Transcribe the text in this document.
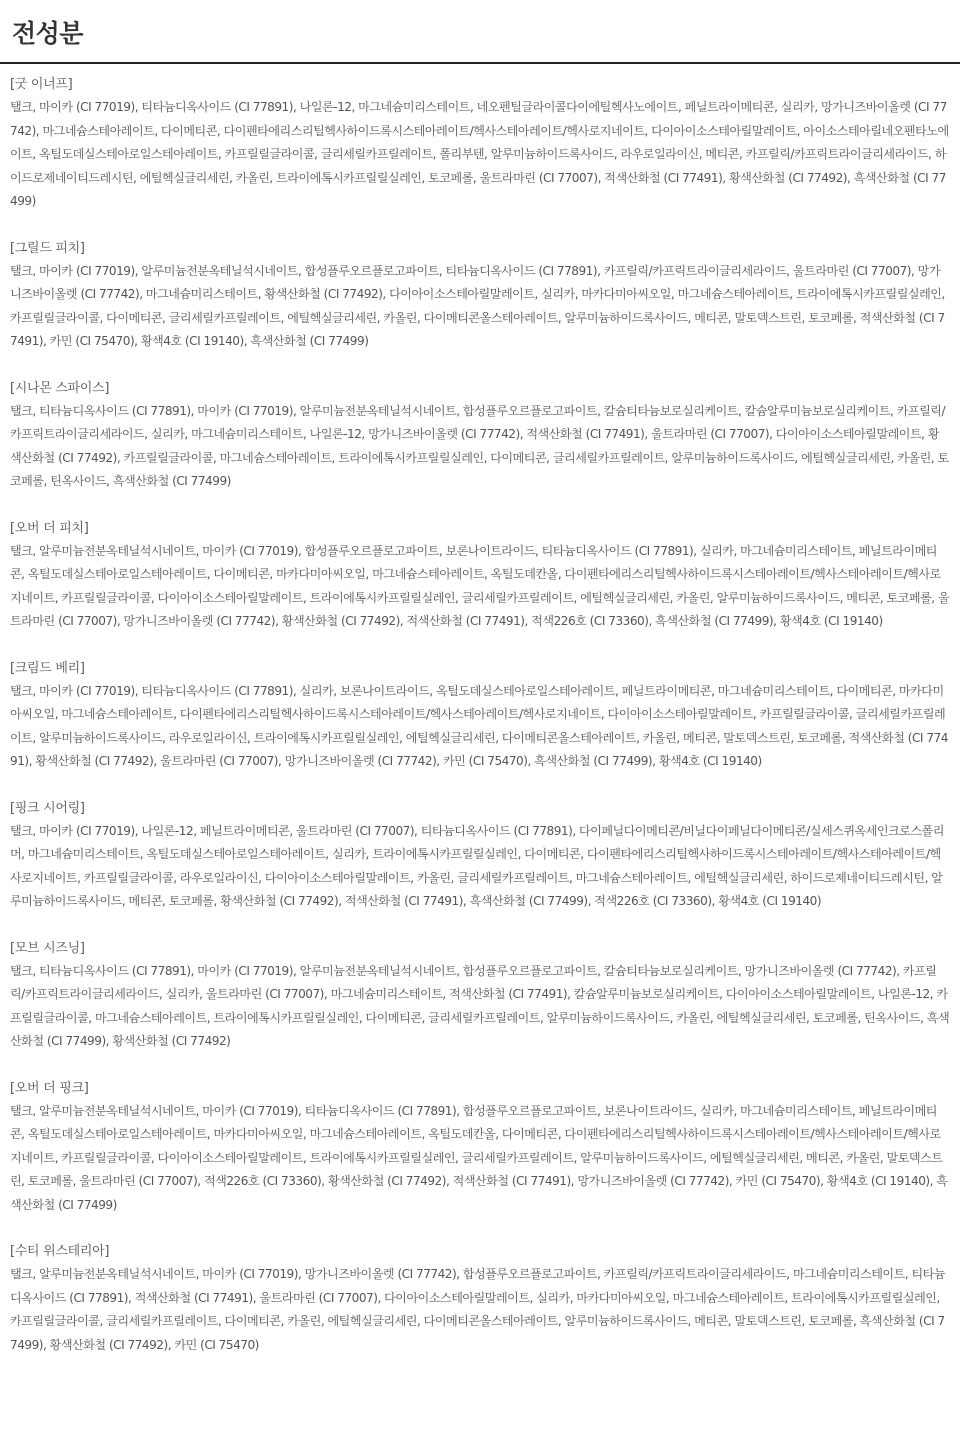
전성분
[굿 이너프]
탤크, 마이카 (CI 77019), 티타늄디옥사이드 (CI 77891), 나일론-12, 마그네슘미리스테이트, 네오펜틸글라이콜다이에틸헥사노에이트, 페닐트라이메티콘, 실리카, 망가니즈바이올렛 (CI 77742), 마그네슘스테아레이트, 다이메티콘, 다이펜타에리스리틸헥사하이드록시스테아레이트/헥사스테아레이트/헥사로지네이트, 다이아이소스테아릴말레이트, 아이소스테아릴네오펜타노에이트, 옥틸도데실스테아로일스테아레이트, 카프릴릴글라이콜, 글리세릴카프릴레이트, 폴리부텐, 알루미늄하이드록사이드, 라우로일라이신, 메티콘, 카프릴릭/카프릭트라이글리세라이드, 하이드로제네이티드레시틴, 에틸헥실글리세린, 카올린, 트라이에톡시카프릴릴실레인, 토코페롤, 울트라마린 (CI 77007), 적색산화철 (CI 77491), 황색산화철 (CI 77492), 흑색산화철 (CI 77499)
[그릴드 피치]
탤크, 마이카 (CI 77019), 알루미늄전분옥테닐석시네이트, 합성플루오르플로고파이트, 티타늄디옥사이드 (CI 77891), 카프릴릭/카프릭트라이글리세라이드, 울트라마린 (CI 77007), 망가니즈바이올렛 (CI 77742), 마그네슘미리스테이트, 황색산화철 (CI 77492), 다이아이소스테아릴말레이트, 실리카, 마카다미아씨오일, 마그네슘스테아레이트, 트라이에톡시카프릴릴실레인, 카프릴릴글라이콜, 다이메티콘, 글리세릴카프릴레이트, 에틸헥실글리세린, 카올린, 다이메티콘올스테아레이트, 알루미늄하이드록사이드, 메티콘, 말토덱스트린, 토코페롤, 적색산화철 (CI 77491), 카민 (CI 75470), 황색4호 (CI 19140), 흑색산화철 (CI 77499)
[시나몬 스파이스]
탤크, 티타늄디옥사이드 (CI 77891), 마이카 (CI 77019), 알루미늄전분옥테닐석시네이트, 합성플루오르플로고파이트, 칼슘티타늄보로실리케이트, 칼슘알루미늄보로실리케이트, 카프릴릭/카프릭트라이글리세라이드, 실리카, 마그네슘미리스테이트, 나일론-12, 망가니즈바이올렛 (CI 77742), 적색산화철 (CI 77491), 울트라마린 (CI 77007), 다이아이소스테아릴말레이트, 황색산화철 (CI 77492), 카프릴릴글라이콜, 마그네슘스테아레이트, 트라이에톡시카프릴릴실레인, 다이메티콘, 글리세릴카프릴레이트, 알루미늄하이드록사이드, 에틸헥실글리세린, 카올린, 토코페롤, 틴옥사이드, 흑색산화철 (CI 77499)
[오버 더 피치]
탤크, 알루미늄전분옥테닐석시네이트, 마이카 (CI 77019), 합성플루오르플로고파이트, 보론나이트라이드, 티타늄디옥사이드 (CI 77891), 실리카, 마그네슘미리스테이트, 페닐트라이메티콘, 옥틸도데실스테아로일스테아레이트, 다이메티콘, 마카다미아씨오일, 마그네슘스테아레이트, 옥틸도데칸올, 다이펜타에리스리틸헥사하이드록시스테아레이트/헥사스테아레이트/헥사로지네이트, 카프릴릴글라이콜, 다이아이소스테아릴말레이트, 트라이에톡시카프릴릴실레인, 글리세릴카프릴레이트, 에틸헥실글리세린, 카올린, 알루미늄하이드록사이드, 메티콘, 토코페롤, 울트라마린 (CI 77007), 망가니즈바이올렛 (CI 77742), 황색산화철 (CI 77492), 적색산화철 (CI 77491), 적색226호 (CI 73360), 흑색산화철 (CI 77499), 황색4호 (CI 19140)
[크림드 베리]
탤크, 마이카 (CI 77019), 티타늄디옥사이드 (CI 77891), 실리카, 보론나이트라이드, 옥틸도데실스테아로일스테아레이트, 페닐트라이메티콘, 마그네슘미리스테이트, 다이메티콘, 마카다미아씨오일, 마그네슘스테아레이트, 다이펜타에리스리틸헥사하이드록시스테아레이트/헥사스테아레이트/헥사로지네이트, 다이아이소스테아릴말레이트, 카프릴릴글라이콜, 글리세릴카프릴레이트, 알루미늄하이드록사이드, 라우로일라이신, 트라이에톡시카프릴릴실레인, 에틸헥실글리세린, 다이메티콘올스테아레이트, 카올린, 메티콘, 말토덱스트린, 토코페롤, 적색산화철 (CI 77491), 황색산화철 (CI 77492), 울트라마린 (CI 77007), 망가니즈바이올렛 (CI 77742), 카민 (CI 75470), 흑색산화철 (CI 77499), 황색4호 (CI 19140)
[핑크 시어링]
탤크, 마이카 (CI 77019), 나일론-12, 페닐트라이메티콘, 울트라마린 (CI 77007), 티타늄디옥사이드 (CI 77891), 다이페닐다이메티콘/비닐다이페닐다이메티콘/실세스퀴옥세인크로스폴리머, 마그네슘미리스테이트, 옥틸도데실스테아로일스테아레이트, 실리카, 트라이에톡시카프릴릴실레인, 다이메티콘, 다이펜타에리스리틸헥사하이드록시스테아레이트/헥사스테아레이트/헥사로지네이트, 카프릴릴글라이콜, 라우로일라이신, 다이아이소스테아릴말레이트, 카올린, 글리세릴카프릴레이트, 마그네슘스테아레이트, 에틸헥실글리세린, 하이드로제네이티드레시틴, 알루미늄하이드록사이드, 메티콘, 토코페롤, 황색산화철 (CI 77492), 적색산화철 (CI 77491), 흑색산화철 (CI 77499), 적색226호 (CI 73360), 황색4호 (CI 19140)
[모브 시즈닝]
탤크, 티타늄디옥사이드 (CI 77891), 마이카 (CI 77019), 알루미늄전분옥테닐석시네이트, 합성플루오르플로고파이트, 칼슘티타늄보로실리케이트, 망가니즈바이올렛 (CI 77742), 카프릴릭/카프릭트라이글리세라이드, 실리카, 울트라마린 (CI 77007), 마그네슘미리스테이트, 적색산화철 (CI 77491), 칼슘알루미늄보로실리케이트, 다이아이소스테아릴말레이트, 나일론-12, 카프릴릴글라이콜, 마그네슘스테아레이트, 트라이에톡시카프릴릴실레인, 다이메티콘, 글리세릴카프릴레이트, 알루미늄하이드록사이드, 카올린, 에틸헥실글리세린, 토코페롤, 틴옥사이드, 흑색산화철 (CI 77499), 황색산화철 (CI 77492)
[오버 더 핑크]
탤크, 알루미늄전분옥테닐석시네이트, 마이카 (CI 77019), 티타늄디옥사이드 (CI 77891), 합성플루오르플로고파이트, 보론나이트라이드, 실리카, 마그네슘미리스테이트, 페닐트라이메티콘, 옥틸도데실스테아로일스테아레이트, 마카다미아씨오일, 마그네슘스테아레이트, 옥틸도데칸올, 다이메티콘, 다이펜타에리스리틸헥사하이드록시스테아레이트/헥사스테아레이트/헥사로지네이트, 카프릴릴글라이콜, 다이아이소스테아릴말레이트, 트라이에톡시카프릴릴실레인, 글리세릴카프릴레이트, 알루미늄하이드록사이드, 에틸헥실글리세린, 메티콘, 카올린, 말토덱스트린, 토코페롤, 울트라마린 (CI 77007), 적색226호 (CI 73360), 황색산화철 (CI 77492), 적색산화철 (CI 77491), 망가니즈바이올렛 (CI 77742), 카민 (CI 75470), 황색4호 (CI 19140), 흑색산화철 (CI 77499)
[수티 위스테리아]
탤크, 알루미늄전분옥테닐석시네이트, 마이카 (CI 77019), 망가니즈바이올렛 (CI 77742), 합성플루오르플로고파이트, 카프릴릭/카프릭트라이글리세라이드, 마그네슘미리스테이트, 티타늄디옥사이드 (CI 77891), 적색산화철 (CI 77491), 울트라마린 (CI 77007), 다이아이소스테아릴말레이트, 실리카, 마카다미아씨오일, 마그네슘스테아레이트, 트라이에톡시카프릴릴실레인, 카프릴릴글라이콜, 글리세릴카프릴레이트, 다이메티콘, 카올린, 에틸헥실글리세린, 다이메티콘올스테아레이트, 알루미늄하이드록사이드, 메티콘, 말토덱스트린, 토코페롤, 흑색산화철 (CI 77499), 황색산화철 (CI 77492), 카민 (CI 75470)
